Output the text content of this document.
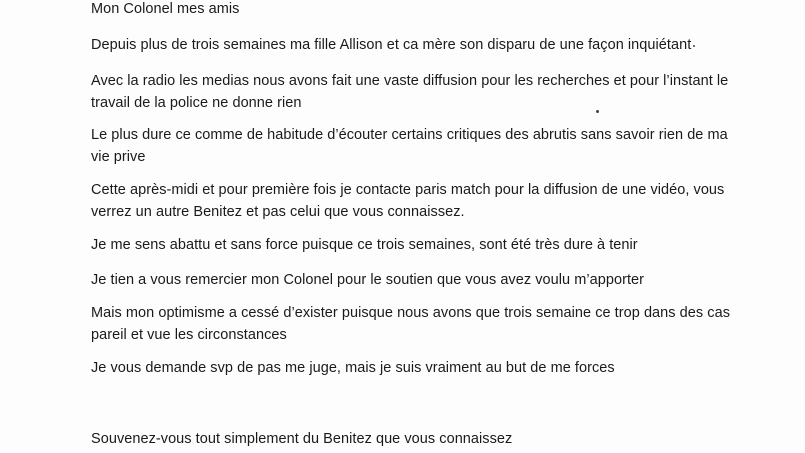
Mon Colonel mes amis
Depuis plus de trois semaines ma fille Allison et ca mère son disparu de une façon inquiétant
Avec la radio les medias nous avons fait une vaste diffusion pour les recherches et pour l’instant le travail de la police ne donne rien
Le plus dure ce comme de habitude d’écouter certains critiques des abrutis sans savoir rien de ma vie prive
Cette après-midi et pour première fois je contacte paris match pour la diffusion de une vidéo, vous verrez un autre Benitez et pas celui que vous connaissez.
Je me sens abattu et sans force puisque ce trois semaines, sont été très dure à tenir
Je tien a vous remercier mon Colonel pour le soutien que vous avez voulu m’apporter
Mais mon optimisme a cessé d’exister puisque nous avons que trois semaine ce trop dans des cas pareil et vue les circonstances
Je vous demande svp de pas me juge, mais je suis vraiment au but de me forces
Souvenez-vous tout simplement du Benitez que vous connaissez
